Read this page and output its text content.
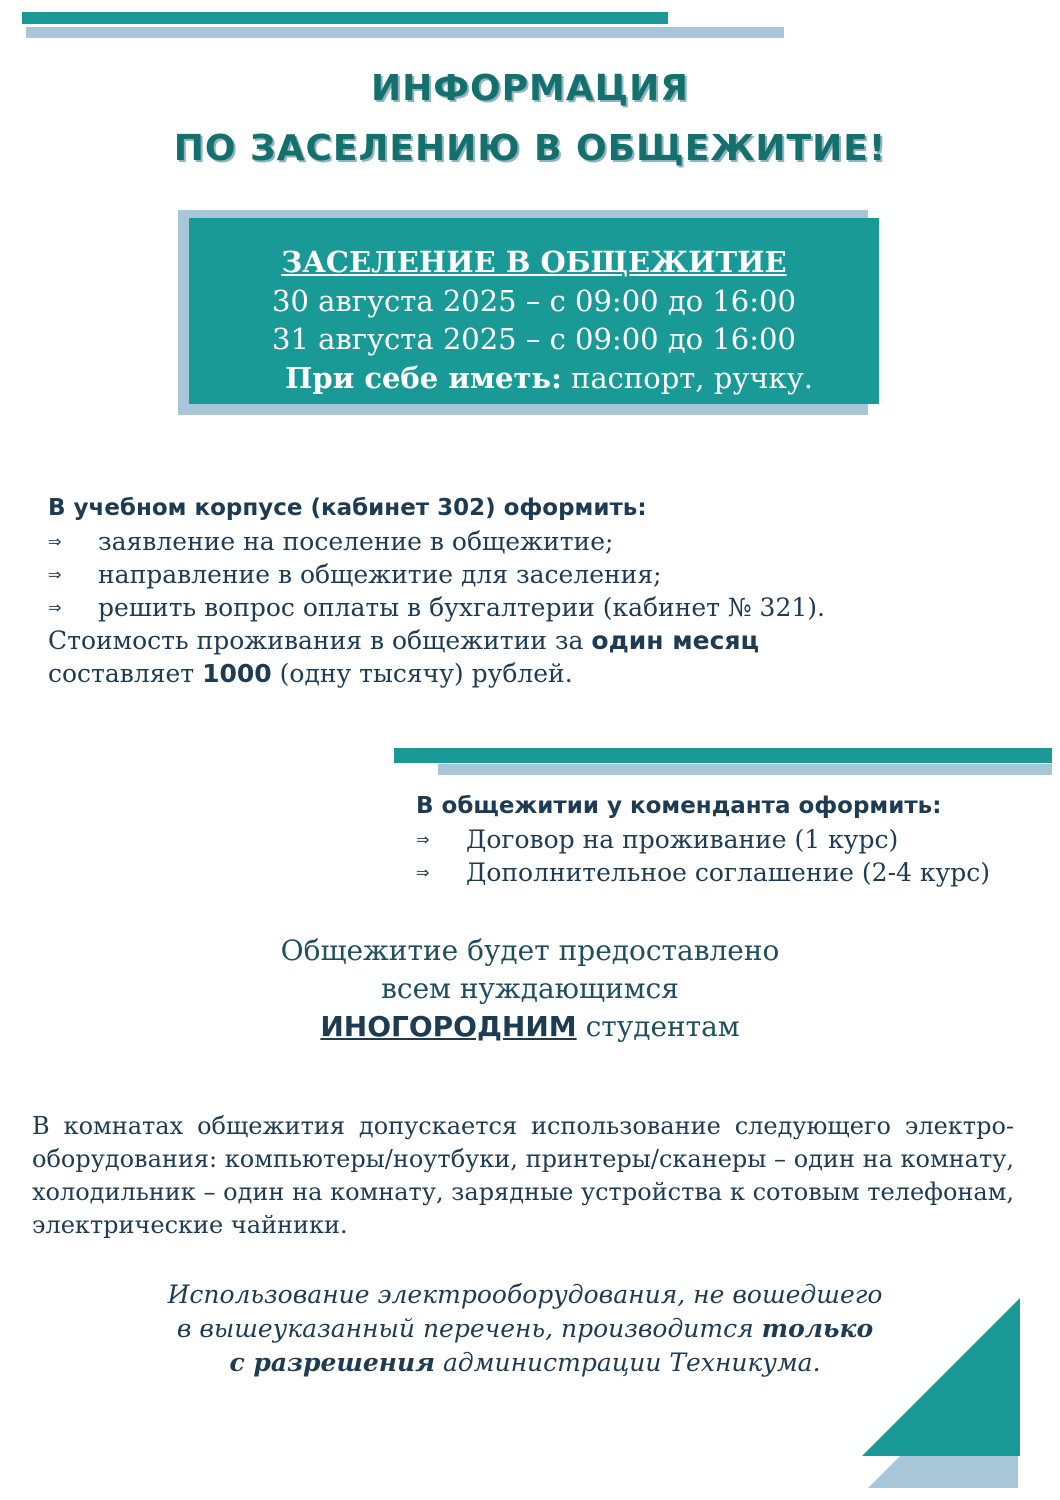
ИНФОРМАЦИЯ
ПО ЗАСЕЛЕНИЮ В ОБЩЕЖИТИЕ!
ЗАСЕЛЕНИЕ В ОБЩЕЖИТИЕ
30 августа 2025 – с 09:00 до 16:00
31 августа 2025 – с 09:00 до 16:00
При себе иметь: паспорт, ручку.
В учебном корпусе (кабинет 302) оформить:
⇒ заявление на поселение в общежитие;
⇒ направление в общежитие для заселения;
⇒ решить вопрос оплаты в бухгалтерии (кабинет № 321).
Стоимость проживания в общежитии за один месяц
составляет 1000 (одну тысячу) рублей.
В общежитии у коменданта оформить:
⇒ Договор на проживание (1 курс)
⇒ Дополнительное соглашение (2-4 курс)
Общежитие будет предоставлено
всем нуждающимся
ИНОГОРОДНИМ студентам
В комнатах общежития допускается использование следующего электро-оборудования: компьютеры/ноутбуки, принтеры/сканеры – один на комнату, холодильник – один на комнату, зарядные устройства к сотовым телефонам, электрические чайники.
Использование электрооборудования, не вошедшего
в вышеуказанный перечень, производится только
с разрешения администрации Техникума.
